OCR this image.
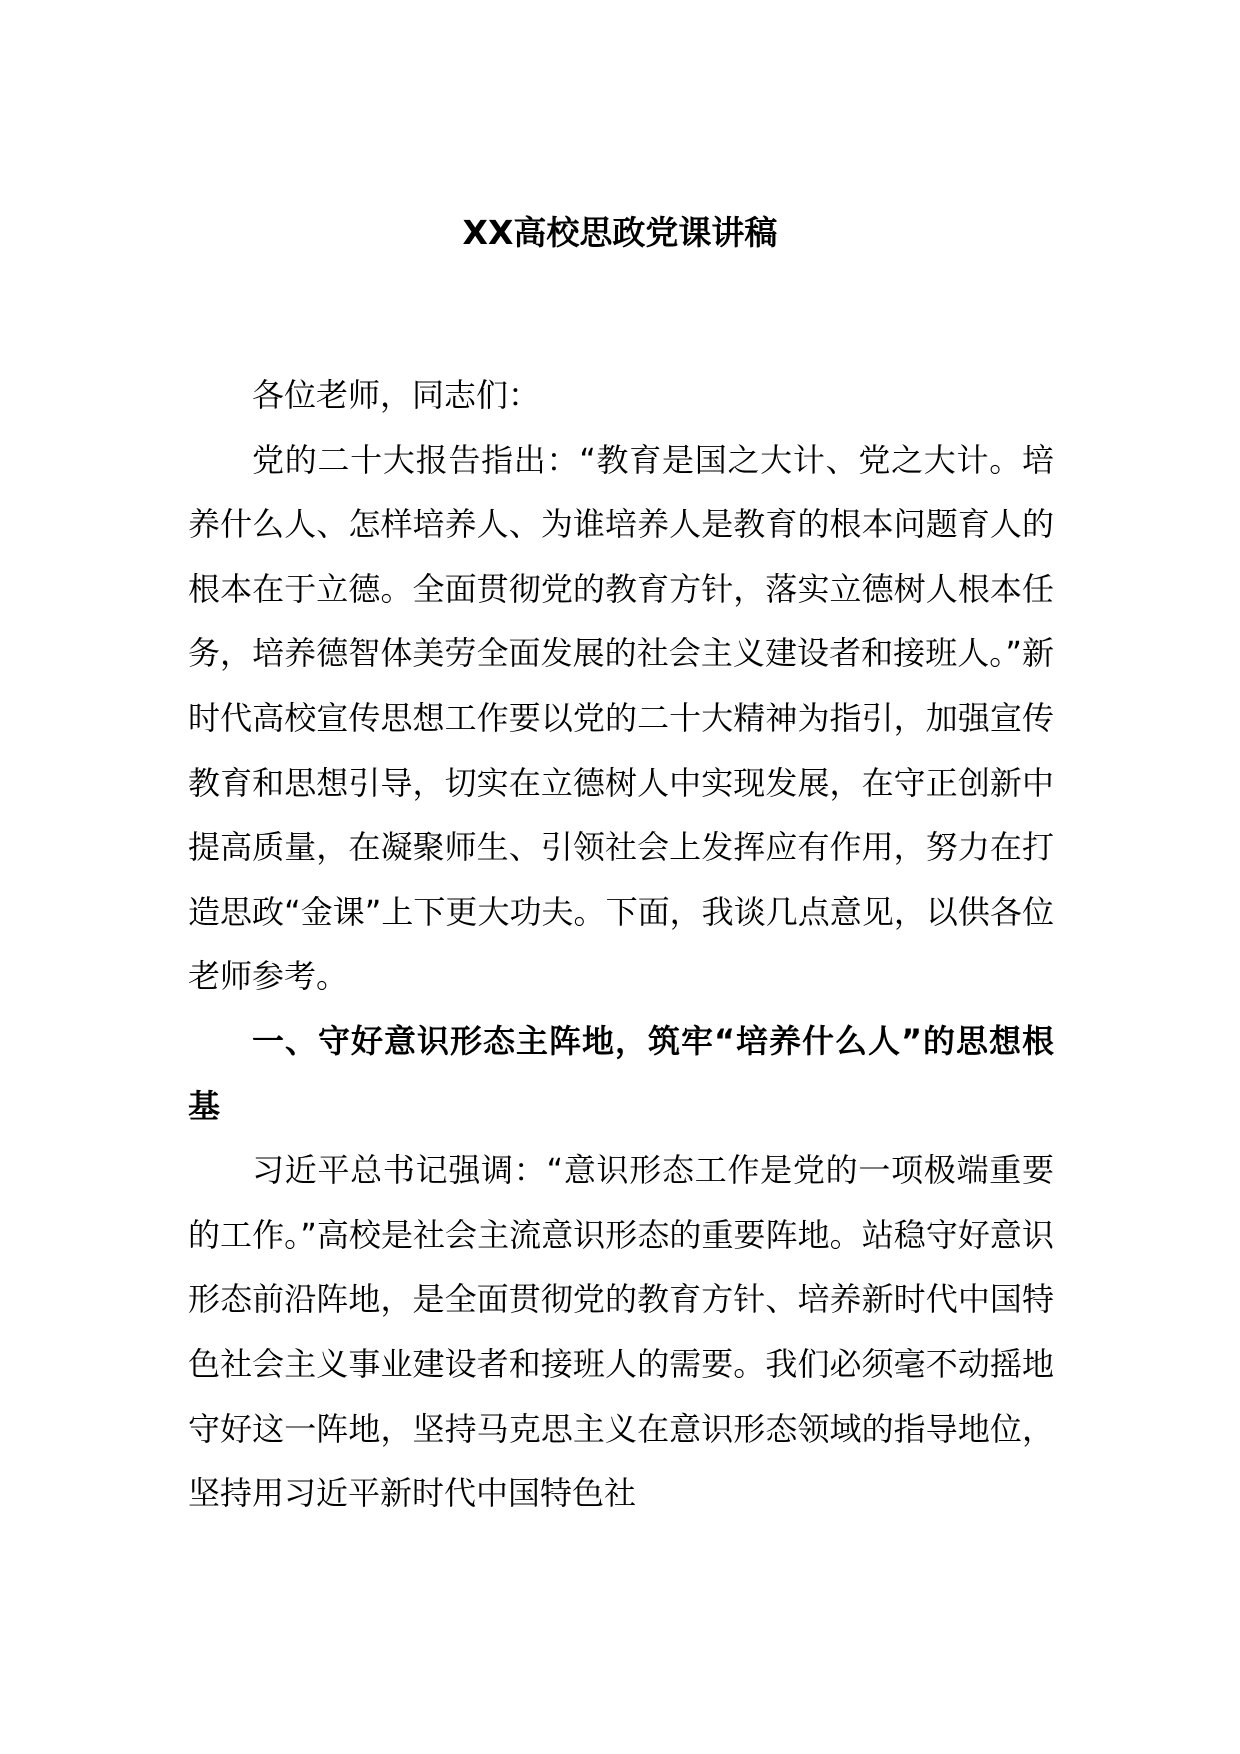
XX高校思政党课讲稿

各位老师，同志们：

党的二十大报告指出：“教育是国之大计、党之大计。培养什么人、怎样培养人、为谁培养人是教育的根本问题育人的根本在于立德。全面贯彻党的教育方针，落实立德树人根本任务，培养德智体美劳全面发展的社会主义建设者和接班人。”新时代高校宣传思想工作要以党的二十大精神为指引，加强宣传教育和思想引导，切实在立德树人中实现发展，在守正创新中提高质量，在凝聚师生、引领社会上发挥应有作用，努力在打造思政“金课”上下更大功夫。下面，我谈几点意见，以供各位老师参考。

一、守好意识形态主阵地，筑牢“培养什么人”的思想根基

习近平总书记强调：“意识形态工作是党的一项极端重要的工作。”高校是社会主流意识形态的重要阵地。站稳守好意识形态前沿阵地，是全面贯彻党的教育方针、培养新时代中国特色社会主义事业建设者和接班人的需要。我们必须毫不动摇地守好这一阵地，坚持马克思主义在意识形态领域的指导地位，坚持用习近平新时代中国特色社
